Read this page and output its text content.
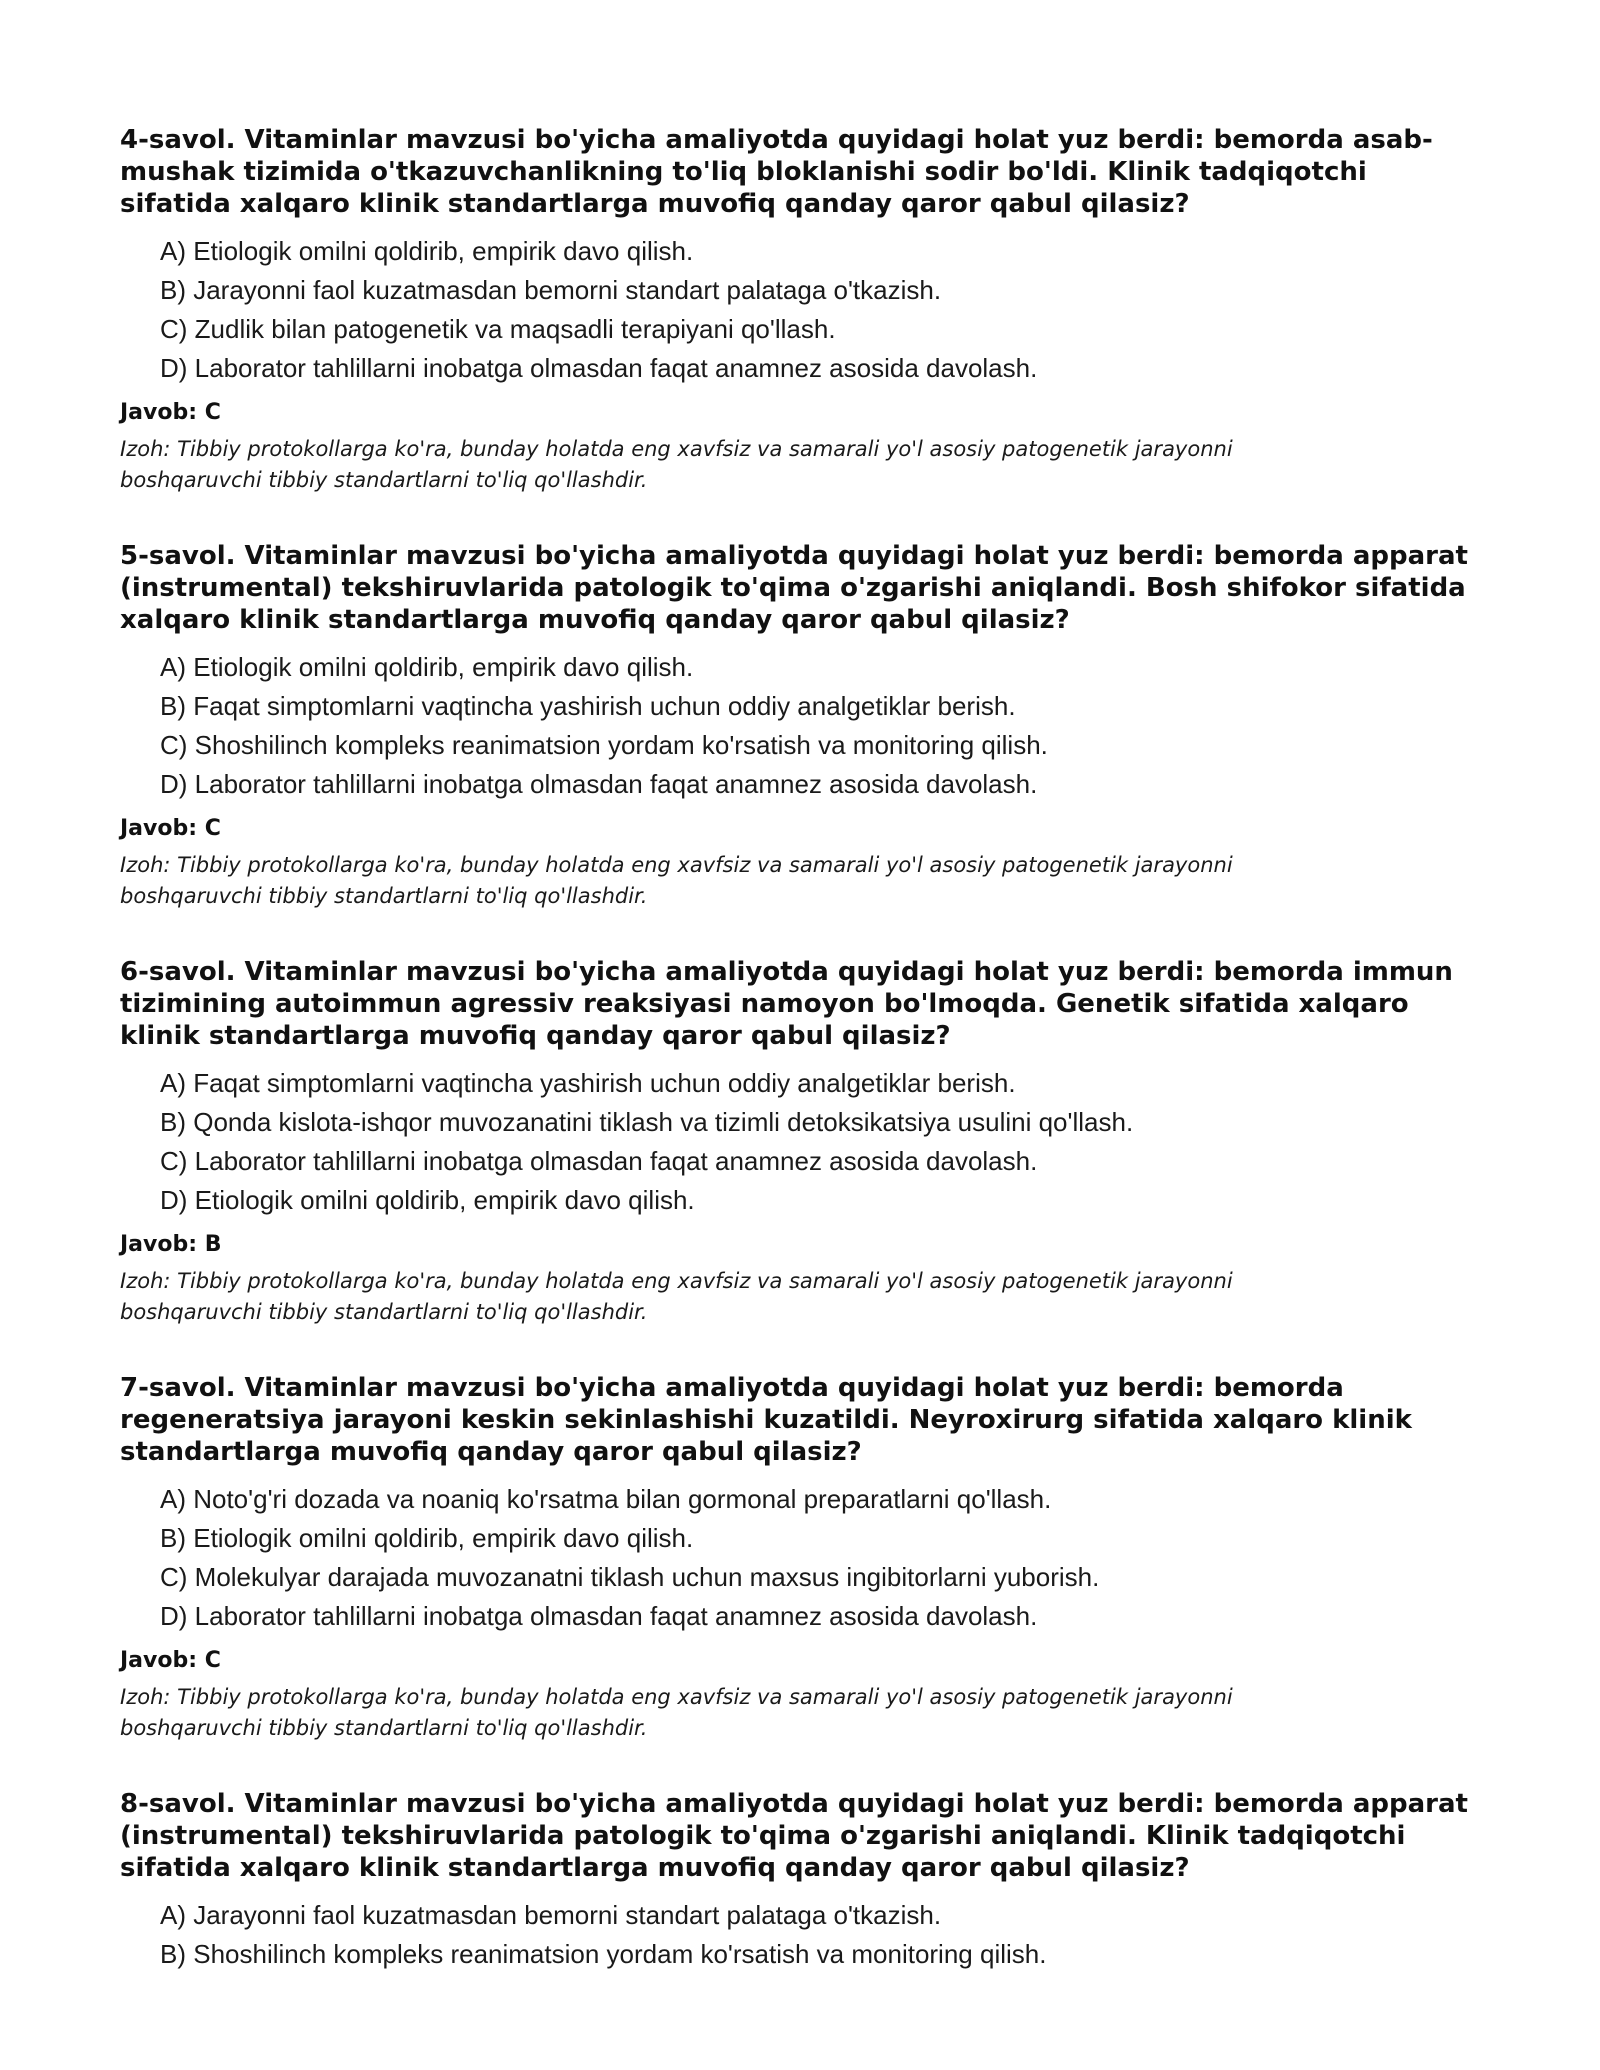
4-savol. Vitaminlar mavzusi bo'yicha amaliyotda quyidagi holat yuz berdi: bemorda asab-mushak tizimida o'tkazuvchanlikning to'liq bloklanishi sodir bo'ldi. Klinik tadqiqotchi sifatida xalqaro klinik standartlarga muvofiq qanday qaror qabul qilasiz?

A) Etiologik omilni qoldirib, empirik davo qilish.
B) Jarayonni faol kuzatmasdan bemorni standart palataga o'tkazish.
C) Zudlik bilan patogenetik va maqsadli terapiyani qo'llash.
D) Laborator tahlillarni inobatga olmasdan faqat anamnez asosida davolash.

Javob: C

Izoh: Tibbiy protokollarga ko'ra, bunday holatda eng xavfsiz va samarali yo'l asosiy patogenetik jarayonni boshqaruvchi tibbiy standartlarni to'liq qo'llashdir.

5-savol. Vitaminlar mavzusi bo'yicha amaliyotda quyidagi holat yuz berdi: bemorda apparat (instrumental) tekshiruvlarida patologik to'qima o'zgarishi aniqlandi. Bosh shifokor sifatida xalqaro klinik standartlarga muvofiq qanday qaror qabul qilasiz?

A) Etiologik omilni qoldirib, empirik davo qilish.
B) Faqat simptomlarni vaqtincha yashirish uchun oddiy analgetiklar berish.
C) Shoshilinch kompleks reanimatsion yordam ko'rsatish va monitoring qilish.
D) Laborator tahlillarni inobatga olmasdan faqat anamnez asosida davolash.

Javob: C

Izoh: Tibbiy protokollarga ko'ra, bunday holatda eng xavfsiz va samarali yo'l asosiy patogenetik jarayonni boshqaruvchi tibbiy standartlarni to'liq qo'llashdir.

6-savol. Vitaminlar mavzusi bo'yicha amaliyotda quyidagi holat yuz berdi: bemorda immun tizimining autoimmun agressiv reaksiyasi namoyon bo'lmoqda. Genetik sifatida xalqaro klinik standartlarga muvofiq qanday qaror qabul qilasiz?

A) Faqat simptomlarni vaqtincha yashirish uchun oddiy analgetiklar berish.
B) Qonda kislota-ishqor muvozanatini tiklash va tizimli detoksikatsiya usulini qo'llash.
C) Laborator tahlillarni inobatga olmasdan faqat anamnez asosida davolash.
D) Etiologik omilni qoldirib, empirik davo qilish.

Javob: B

Izoh: Tibbiy protokollarga ko'ra, bunday holatda eng xavfsiz va samarali yo'l asosiy patogenetik jarayonni boshqaruvchi tibbiy standartlarni to'liq qo'llashdir.

7-savol. Vitaminlar mavzusi bo'yicha amaliyotda quyidagi holat yuz berdi: bemorda regeneratsiya jarayoni keskin sekinlashishi kuzatildi. Neyroxirurg sifatida xalqaro klinik standartlarga muvofiq qanday qaror qabul qilasiz?

A) Noto'g'ri dozada va noaniq ko'rsatma bilan gormonal preparatlarni qo'llash.
B) Etiologik omilni qoldirib, empirik davo qilish.
C) Molekulyar darajada muvozanatni tiklash uchun maxsus ingibitorlarni yuborish.
D) Laborator tahlillarni inobatga olmasdan faqat anamnez asosida davolash.

Javob: C

Izoh: Tibbiy protokollarga ko'ra, bunday holatda eng xavfsiz va samarali yo'l asosiy patogenetik jarayonni boshqaruvchi tibbiy standartlarni to'liq qo'llashdir.

8-savol. Vitaminlar mavzusi bo'yicha amaliyotda quyidagi holat yuz berdi: bemorda apparat (instrumental) tekshiruvlarida patologik to'qima o'zgarishi aniqlandi. Klinik tadqiqotchi sifatida xalqaro klinik standartlarga muvofiq qanday qaror qabul qilasiz?

A) Jarayonni faol kuzatmasdan bemorni standart palataga o'tkazish.
B) Shoshilinch kompleks reanimatsion yordam ko'rsatish va monitoring qilish.
